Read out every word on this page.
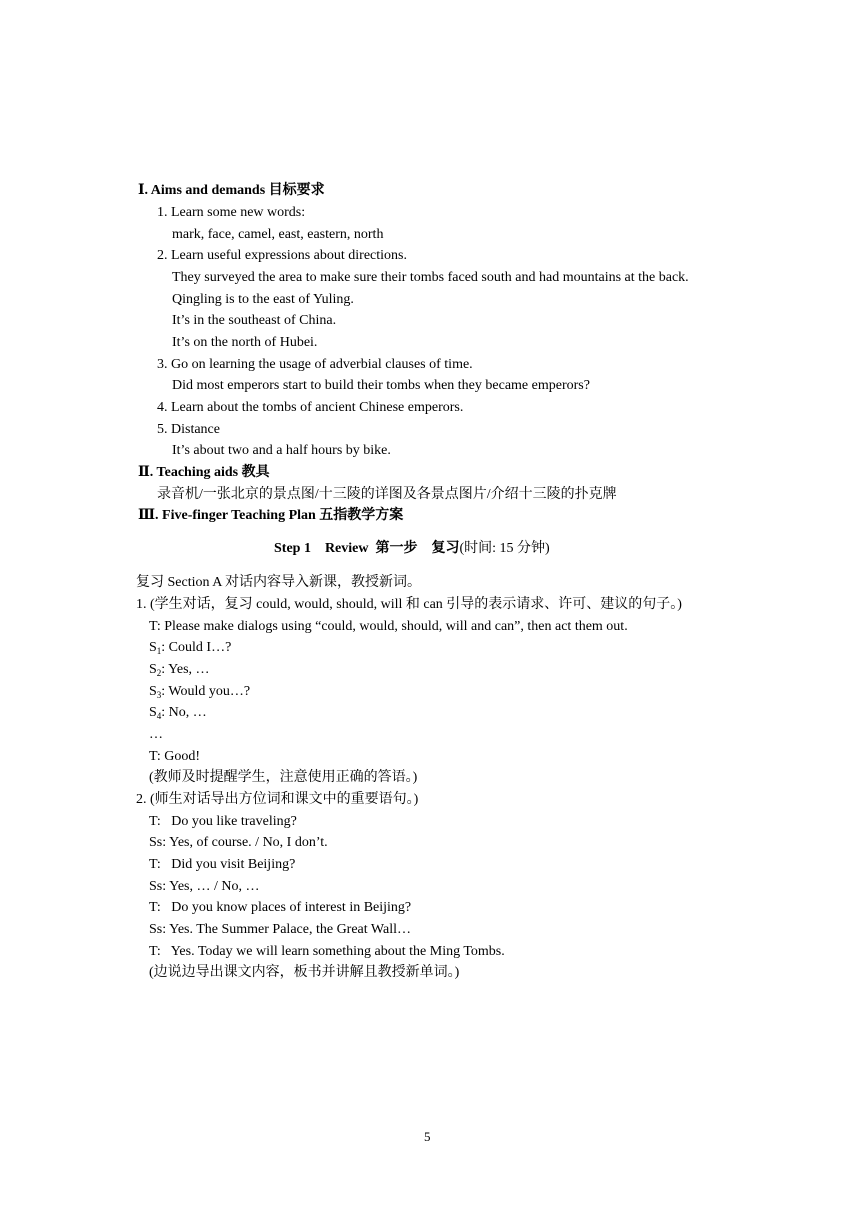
Ⅰ. Aims and demands 目标要求
1. Learn some new words:
mark, face, camel, east, eastern, north
2. Learn useful expressions about directions.
They surveyed the area to make sure their tombs faced south and had mountains at the back.
Qingling is to the east of Yuling.
It’s in the southeast of China.
It’s on the north of Hubei.
3. Go on learning the usage of adverbial clauses of time.
Did most emperors start to build their tombs when they became emperors?
4. Learn about the tombs of ancient Chinese emperors.
5. Distance
It’s about two and a half hours by bike.
Ⅱ. Teaching aids 教具
录音机/一张北京的景点图/十三陵的详图及各景点图片/介绍十三陵的扑克牌
Ⅲ. Five-finger Teaching Plan 五指教学方案
Step 1    Review  第一步    复习(时间: 15 分钟)
复习 Section A 对话内容导入新课，教授新词。
1. (学生对话，复习 could, would, should, will 和 can 引导的表示请求、许可、建议的句子。)
T: Please make dialogs using “could, would, should, will and can”, then act them out.
$S_1$: Could I…?
$S_2$: Yes, …
$S_3$: Would you…?
$S_4$: No, …
…
T: Good!
(教师及时提醒学生，注意使用正确的答语。)
2. (师生对话导出方位词和课文中的重要语句。)
T:   Do you like traveling?
Ss: Yes, of course. / No, I don’t.
T:   Did you visit Beijing?
Ss: Yes, … / No, …
T:   Do you know places of interest in Beijing?
Ss: Yes. The Summer Palace, the Great Wall…
T:   Yes. Today we will learn something about the Ming Tombs.
(边说边导出课文内容，板书并讲解且教授新单词。)
5
